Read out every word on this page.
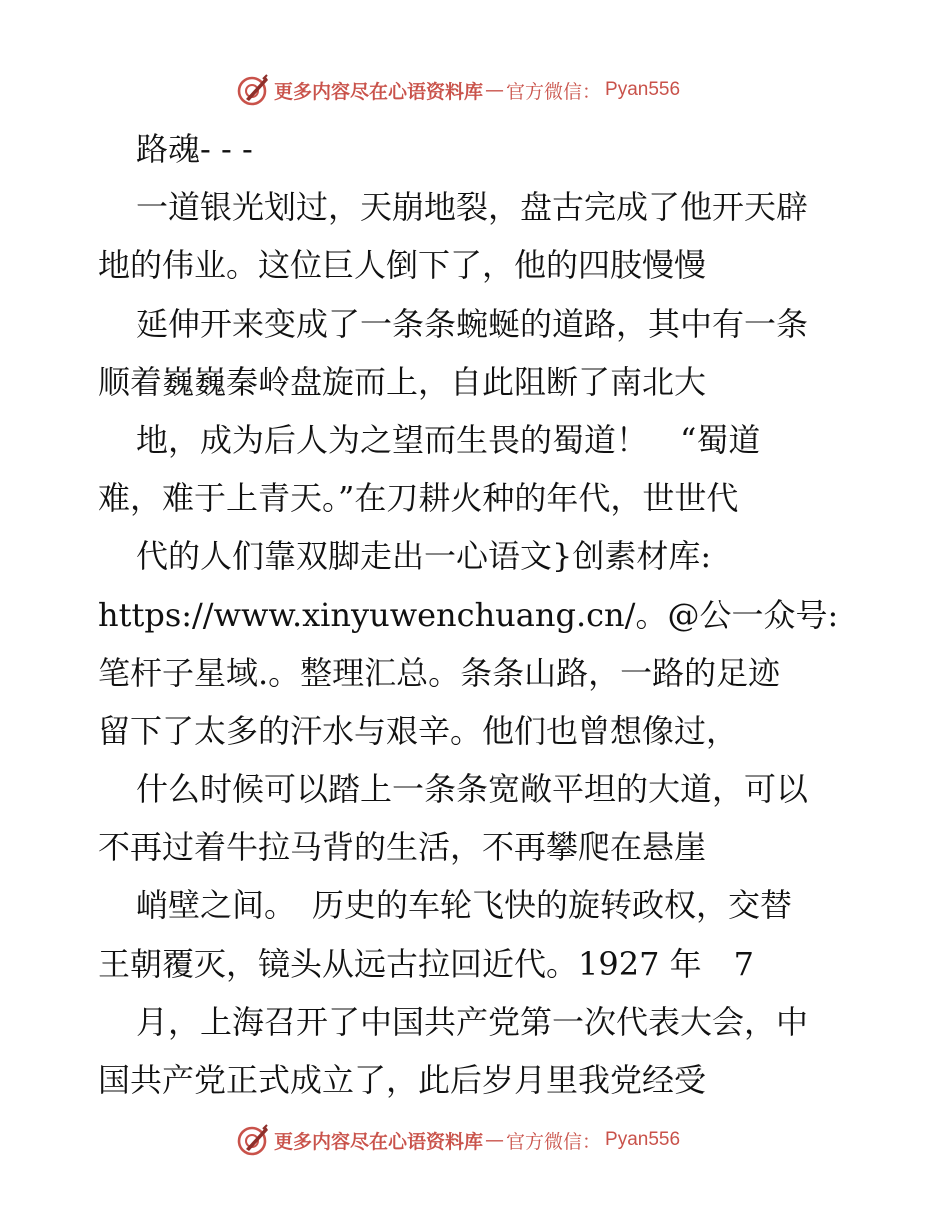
更多内容尽在心语资料库 — 官方微信： Pyan556
路魂- - -
一道银光划过，天崩地裂，盘古完成了他开天辟
地的伟业。这位巨人倒下了，他的四肢慢慢
延伸开来变成了一条条蜿蜒的道路，其中有一条
顺着巍巍秦岭盘旋而上，自此阻断了南北大
地，成为后人为之望而生畏的蜀道！　“蜀道
难，难于上青天。”在刀耕火种的年代，世世代
代的人们靠双脚走出一心语文}创素材库:
https://www.xinyuwenchuang.cn/。@公一众号:
笔杆子星域.。整理汇总。条条山路，一路的足迹
留下了太多的汗水与艰辛。他们也曾想像过，
什么时候可以踏上一条条宽敞平坦的大道，可以
不再过着牛拉马背的生活，不再攀爬在悬崖
峭壁之间。　历史的车轮飞快的旋转政权，交替
王朝覆灭，镜头从远古拉回近代。1927 年　7
月，上海召开了中国共产党第一次代表大会，中
国共产党正式成立了，此后岁月里我党经受
更多内容尽在心语资料库 — 官方微信： Pyan556
